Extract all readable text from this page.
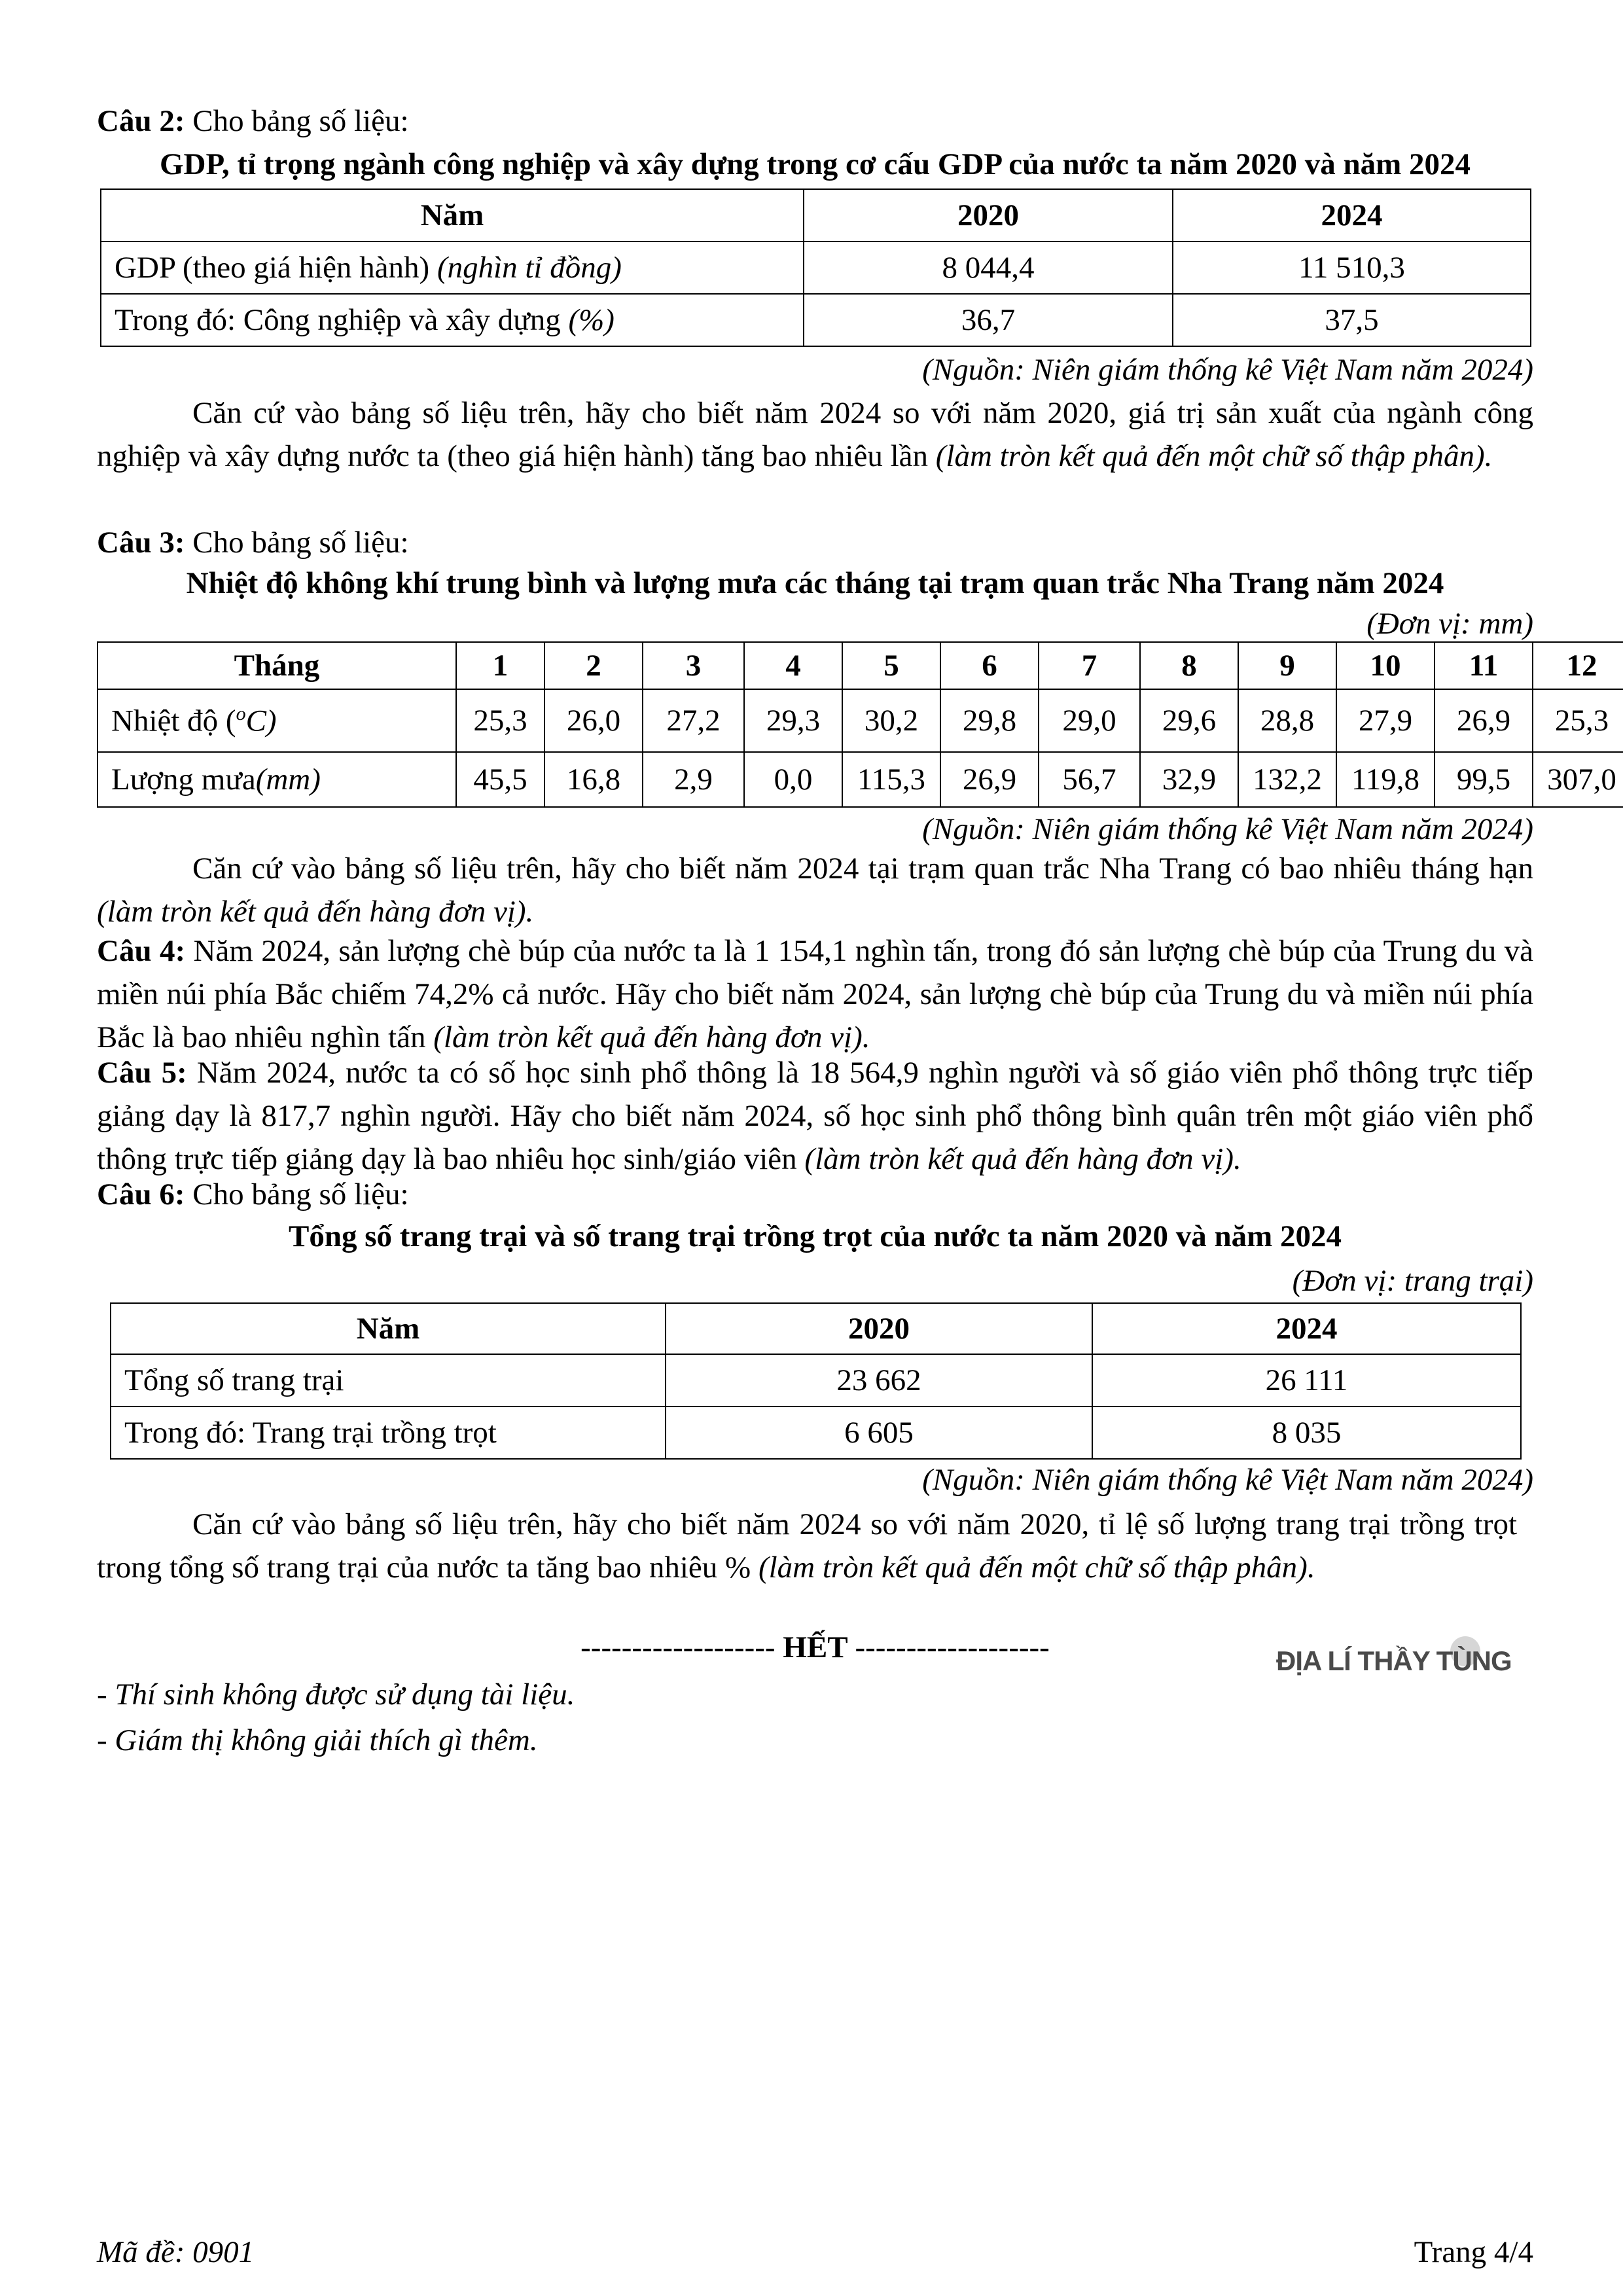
Câu 2: Cho bảng số liệu:

GDP, tỉ trọng ngành công nghiệp và xây dựng trong cơ cấu GDP của nước ta năm 2020 và năm 2024

Năm	2020	2024
GDP (theo giá hiện hành) (nghìn tỉ đồng)	8 044,4	11 510,3
Trong đó: Công nghiệp và xây dựng (%)	36,7	37,5

(Nguồn: Niên giám thống kê Việt Nam năm 2024)

Căn cứ vào bảng số liệu trên, hãy cho biết năm 2024 so với năm 2020, giá trị sản xuất của ngành công nghiệp và xây dựng nước ta (theo giá hiện hành) tăng bao nhiêu lần (làm tròn kết quả đến một chữ số thập phân).

Câu 3: Cho bảng số liệu:

Nhiệt độ không khí trung bình và lượng mưa các tháng tại trạm quan trắc Nha Trang năm 2024

(Đơn vị: mm)

Tháng	1	2	3	4	5	6	7	8	9	10	11	12
Nhiệt độ ($^o$C)	25,3	26,0	27,2	29,3	30,2	29,8	29,0	29,6	28,8	27,9	26,9	25,3
Lượng mưa(mm)	45,5	16,8	2,9	0,0	115,3	26,9	56,7	32,9	132,2	119,8	99,5	307,0

(Nguồn: Niên giám thống kê Việt Nam năm 2024)

Căn cứ vào bảng số liệu trên, hãy cho biết năm 2024 tại trạm quan trắc Nha Trang có bao nhiêu tháng hạn (làm tròn kết quả đến hàng đơn vị).

Câu 4: Năm 2024, sản lượng chè búp của nước ta là 1 154,1 nghìn tấn, trong đó sản lượng chè búp của Trung du và miền núi phía Bắc chiếm 74,2% cả nước. Hãy cho biết năm 2024, sản lượng chè búp của Trung du và miền núi phía Bắc là bao nhiêu nghìn tấn (làm tròn kết quả đến hàng đơn vị).

Câu 5: Năm 2024, nước ta có số học sinh phổ thông là 18 564,9 nghìn người và số giáo viên phổ thông trực tiếp giảng dạy là 817,7 nghìn người. Hãy cho biết năm 2024, số học sinh phổ thông bình quân trên một giáo viên phổ thông trực tiếp giảng dạy là bao nhiêu học sinh/giáo viên (làm tròn kết quả đến hàng đơn vị).

Câu 6: Cho bảng số liệu:

Tổng số trang trại và số trang trại trồng trọt của nước ta năm 2020 và năm 2024

(Đơn vị: trang trại)

Năm	2020	2024
Tổng số trang trại	23 662	26 111
Trong đó: Trang trại trồng trọt	6 605	8 035

(Nguồn: Niên giám thống kê Việt Nam năm 2024)

Căn cứ vào bảng số liệu trên, hãy cho biết năm 2024 so với năm 2020, tỉ lệ số lượng trang trại trồng trọt trong tổng số trang trại của nước ta tăng bao nhiêu % (làm tròn kết quả đến một chữ số thập phân).

------------------- HẾT -------------------	ĐỊA LÍ THẦY TÙNG

- Thí sinh không được sử dụng tài liệu.

- Giám thị không giải thích gì thêm.

Mã đề: 0901	Trang 4/4
